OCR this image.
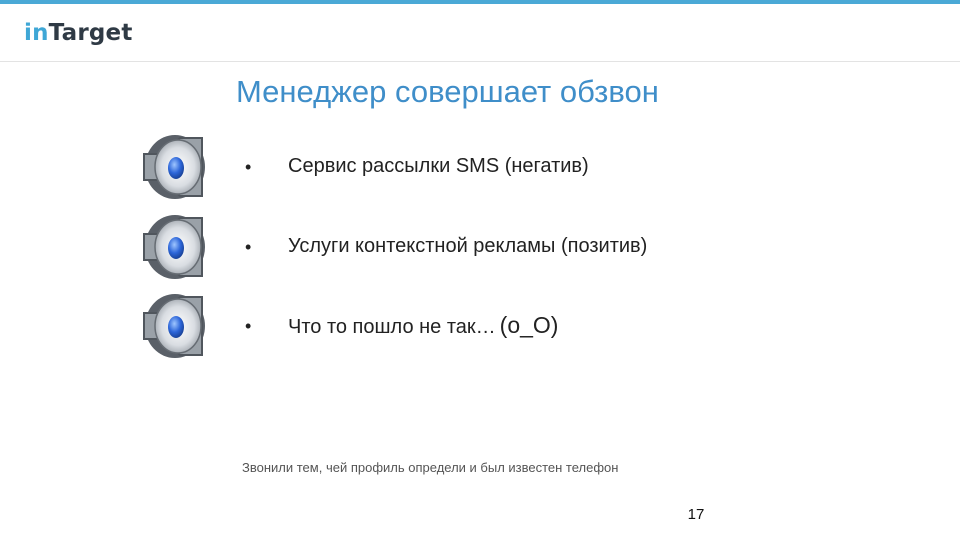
inTarget
Менеджер совершает обзвон
• Сервис рассылки SMS (негатив)
• Услуги контекстной рекламы (позитив)
• Что то пошло не так… (o_O)
Звонили тем, чей профиль определи и был известен телефон
17
